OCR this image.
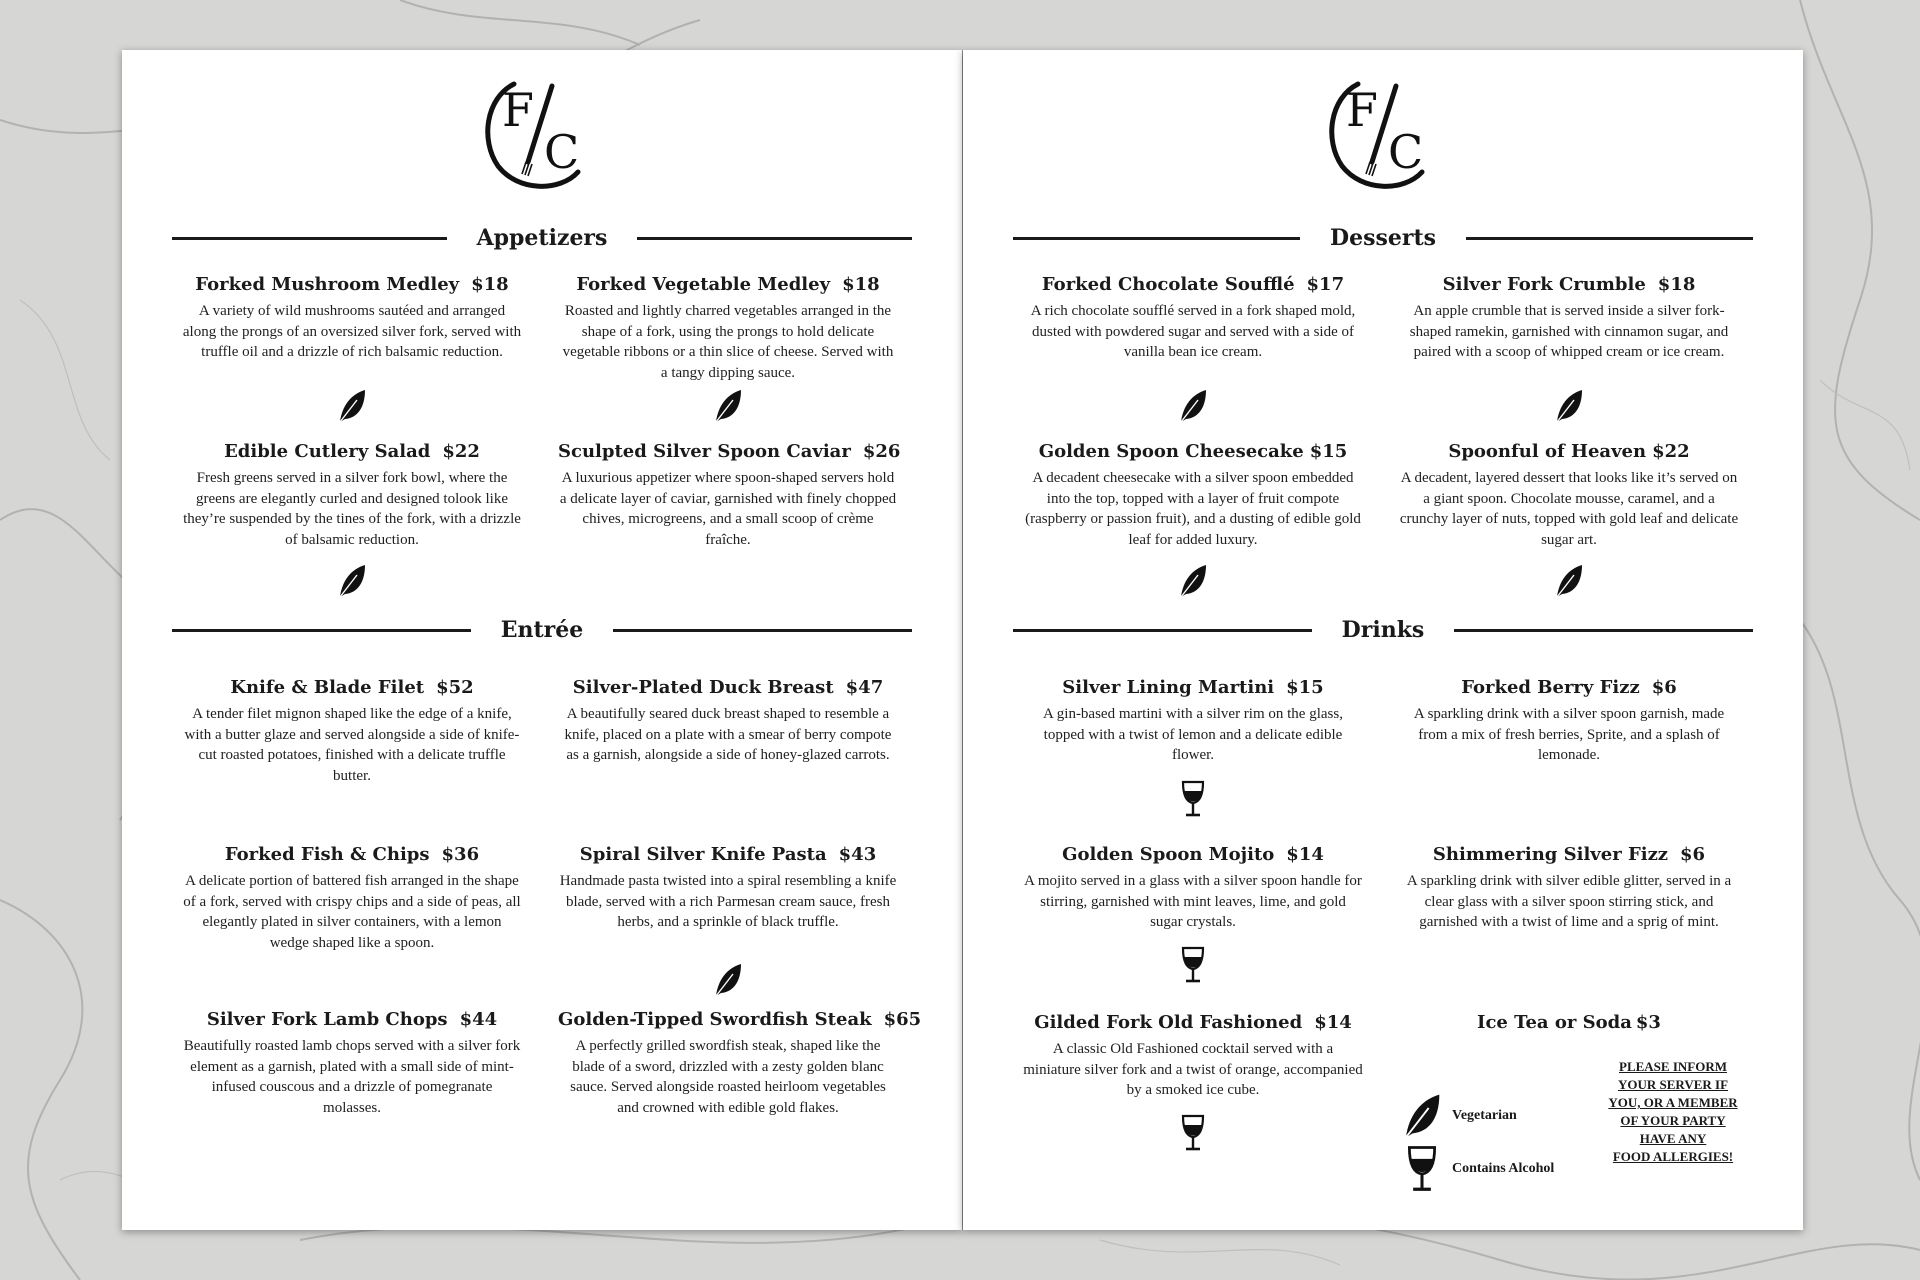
F
C
Appetizers
Forked Mushroom Medley $18

A variety of wild mushrooms sautéed and arranged along the prongs of an oversized silver fork, served with truffle oil and a drizzle of rich balsamic reduction.

Forked Vegetable Medley $18

Roasted and lightly charred vegetables arranged in the shape of a fork, using the prongs to hold delicate vegetable ribbons or a thin slice of cheese. Served with a tangy dipping sauce.

Edible Cutlery Salad $22

Fresh greens served in a silver fork bowl, where the greens are elegantly curled and designed tolook like they’re suspended by the tines of the fork, with a drizzle of balsamic reduction.

Sculpted Silver Spoon Caviar $26

A luxurious appetizer where spoon-shaped servers hold a delicate layer of caviar, garnished with finely chopped chives, microgreens, and a small scoop of crème fraîche.

Entrée
Knife & Blade Filet $52

A tender filet mignon shaped like the edge of a knife, with a butter glaze and served alongside a side of knife-cut roasted potatoes, finished with a delicate truffle butter.

Silver-Plated Duck Breast $47

A beautifully seared duck breast shaped to resemble a knife, placed on a plate with a smear of berry compote as a garnish, alongside a side of honey-glazed carrots.

Forked Fish & Chips $36

A delicate portion of battered fish arranged in the shape of a fork, served with crispy chips and a side of peas, all elegantly plated in silver containers, with a lemon wedge shaped like a spoon.

Spiral Silver Knife Pasta $43

Handmade pasta twisted into a spiral resembling a knife blade, served with a rich Parmesan cream sauce, fresh herbs, and a sprinkle of black truffle.

Silver Fork Lamb Chops $44

Beautifully roasted lamb chops served with a silver fork element as a garnish, plated with a small side of mint-infused couscous and a drizzle of pomegranate molasses.

Golden-Tipped Swordfish Steak $65

A perfectly grilled swordfish steak, shaped like the blade of a sword, drizzled with a zesty golden blanc sauce. Served alongside roasted heirloom vegetables and crowned with edible gold flakes.

F
C
Desserts
Forked Chocolate Soufflé $17

A rich chocolate soufflé served in a fork shaped mold, dusted with powdered sugar and served with a side of vanilla bean ice cream.

Silver Fork Crumble $18

An apple crumble that is served inside a silver fork-shaped ramekin, garnished with cinnamon sugar, and paired with a scoop of whipped cream or ice cream.

Golden Spoon Cheesecake $15

A decadent cheesecake with a silver spoon embedded into the top, topped with a layer of fruit compote (raspberry or passion fruit), and a dusting of edible gold leaf for added luxury.

Spoonful of Heaven $22

A decadent, layered dessert that looks like it’s served on a giant spoon. Chocolate mousse, caramel, and a crunchy layer of nuts, topped with gold leaf and delicate sugar art.

Drinks
Silver Lining Martini $15

A gin-based martini with a silver rim on the glass, topped with a twist of lemon and a delicate edible flower.

Forked Berry Fizz $6

A sparkling drink with a silver spoon garnish, made from a mix of fresh berries, Sprite, and a splash of lemonade.

Golden Spoon Mojito $14

A mojito served in a glass with a silver spoon handle for stirring, garnished with mint leaves, lime, and gold sugar crystals.

Shimmering Silver Fizz $6

A sparkling drink with silver edible glitter, served in a clear glass with a silver spoon stirring stick, and garnished with a twist of lime and a sprig of mint.

Gilded Fork Old Fashioned $14

A classic Old Fashioned cocktail served with a miniature silver fork and a twist of orange, accompanied by a smoked ice cube.

Ice Tea or Soda $3
Vegetarian
Contains Alcohol
PLEASE INFORM
YOUR SERVER IF
YOU, OR A MEMBER
OF YOUR PARTY
HAVE ANY
FOOD ALLERGIES!
